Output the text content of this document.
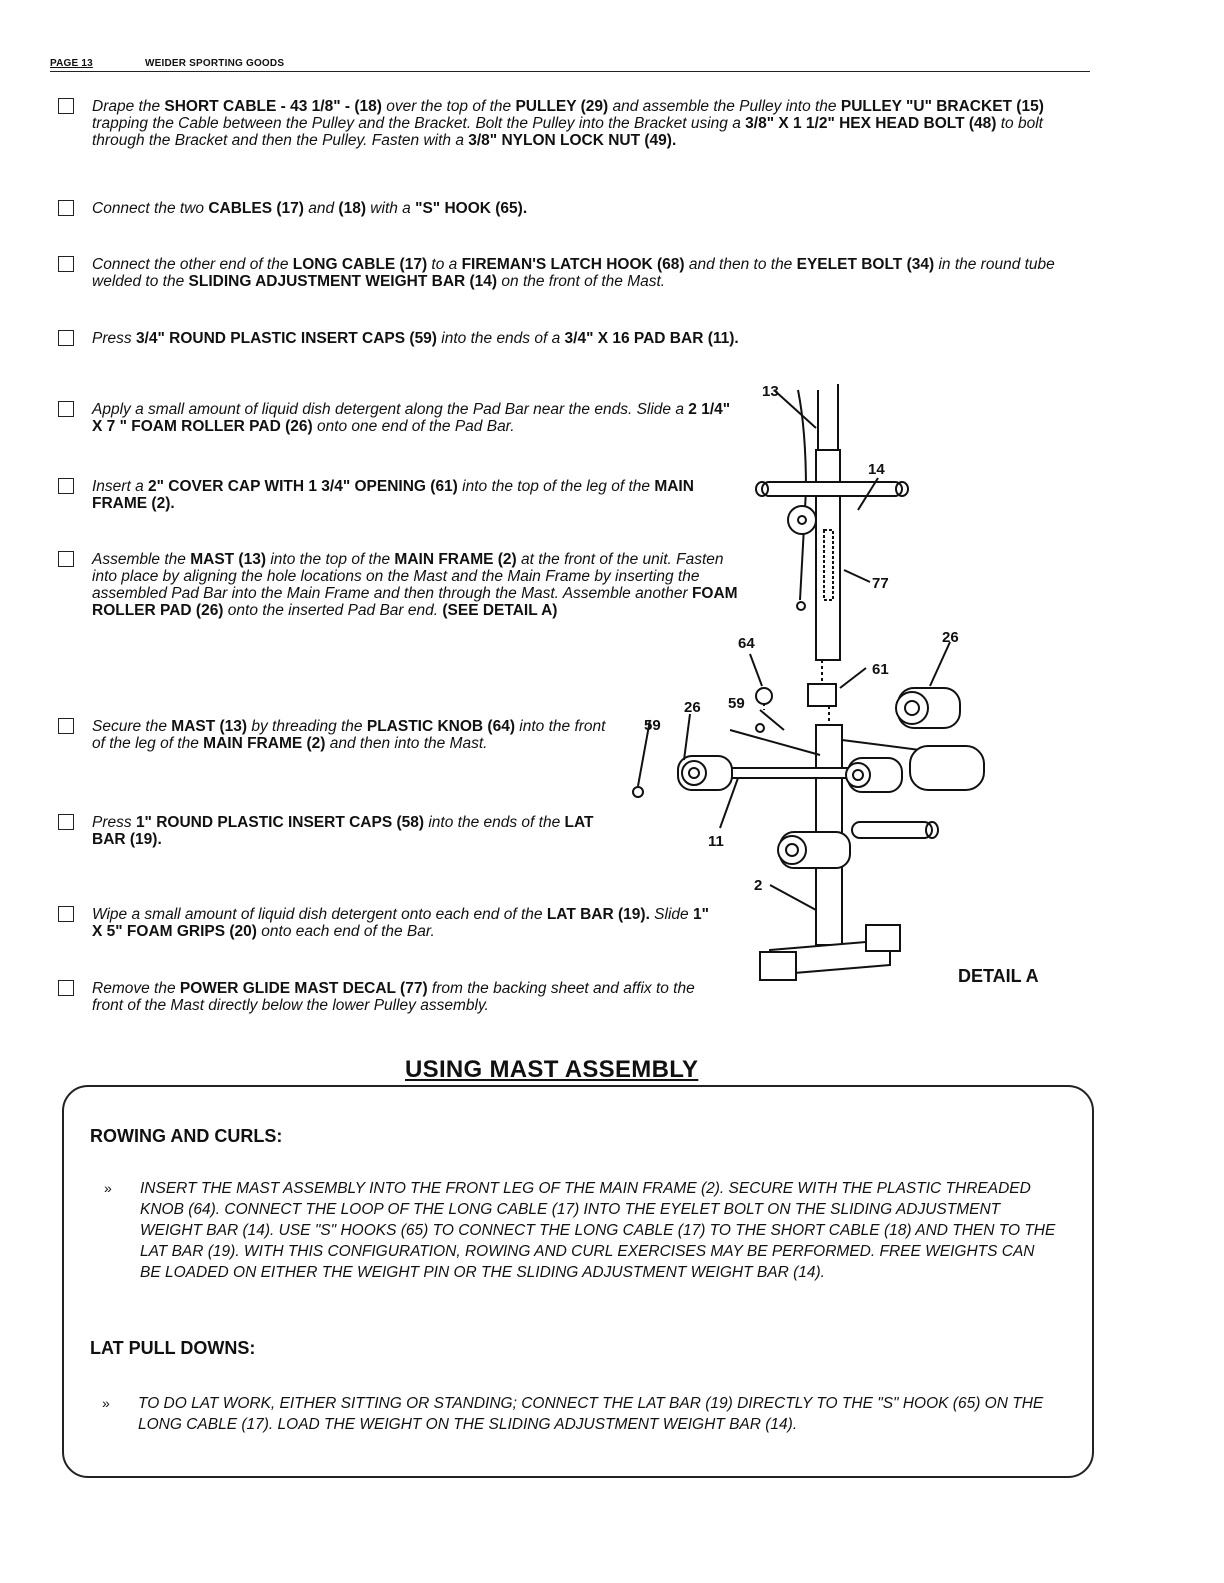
PAGE 13	WEIDER SPORTING GOODS
Drape the SHORT CABLE - 43 1/8" - (18) over the top of the PULLEY (29) and assemble the Pulley into the PULLEY "U" BRACKET (15) trapping the Cable between the Pulley and the Bracket. Bolt the Pulley into the Bracket using a 3/8" X 1 1/2" HEX HEAD BOLT (48) to bolt through the Bracket and then the Pulley. Fasten with a 3/8" NYLON LOCK NUT (49).
Connect the two CABLES (17) and (18) with a "S" HOOK (65).
Connect the other end of the LONG CABLE (17) to a FIREMAN'S LATCH HOOK (68) and then to the EYELET BOLT (34) in the round tube welded to the SLIDING ADJUSTMENT WEIGHT BAR (14) on the front of the Mast.
Press 3/4" ROUND PLASTIC INSERT CAPS (59) into the ends of a 3/4" X 16 PAD BAR (11).
Apply a small amount of liquid dish detergent along the Pad Bar near the ends. Slide a 2 1/4" X 7 " FOAM ROLLER PAD (26) onto one end of the Pad Bar.
Insert a 2" COVER CAP WITH 1 3/4" OPENING (61) into the top of the leg of the MAIN FRAME (2).
Assemble the MAST (13) into the top of the MAIN FRAME (2) at the front of the unit. Fasten into place by aligning the hole locations on the Mast and the Main Frame by inserting the assembled Pad Bar into the Main Frame and then through the Mast. Assemble another FOAM ROLLER PAD (26) onto the inserted Pad Bar end. (SEE DETAIL A)
Secure the MAST (13) by threading the PLASTIC KNOB (64) into the front of the leg of the MAIN FRAME (2) and then into the Mast.
Press 1" ROUND PLASTIC INSERT CAPS (58) into the ends of the LAT BAR (19).
Wipe a small amount of liquid dish detergent onto each end of the LAT BAR (19). Slide 1" X 5" FOAM GRIPS (20) onto each end of the Bar.
Remove the POWER GLIDE MAST DECAL (77) from the backing sheet and affix to the front of the Mast directly below the lower Pulley assembly.
13
14
77
64	26
61
26 59
59
11
2
DETAIL A
USING MAST ASSEMBLY
ROWING AND CURLS:
» INSERT THE MAST ASSEMBLY INTO THE FRONT LEG OF THE MAIN FRAME (2). SECURE WITH THE PLASTIC THREADED KNOB (64). CONNECT THE LOOP OF THE LONG CABLE (17) INTO THE EYELET BOLT ON THE SLIDING ADJUSTMENT WEIGHT BAR (14). USE "S" HOOKS (65) TO CONNECT THE LONG CABLE (17) TO THE SHORT CABLE (18) AND THEN TO THE LAT BAR (19). WITH THIS CONFIGURATION, ROWING AND CURL EXERCISES MAY BE PERFORMED. FREE WEIGHTS CAN BE LOADED ON EITHER THE WEIGHT PIN OR THE SLIDING ADJUSTMENT WEIGHT BAR (14).
LAT PULL DOWNS:
» TO DO LAT WORK, EITHER SITTING OR STANDING; CONNECT THE LAT BAR (19) DIRECTLY TO THE "S" HOOK (65) ON THE LONG CABLE (17). LOAD THE WEIGHT ON THE SLIDING ADJUSTMENT WEIGHT BAR (14).
